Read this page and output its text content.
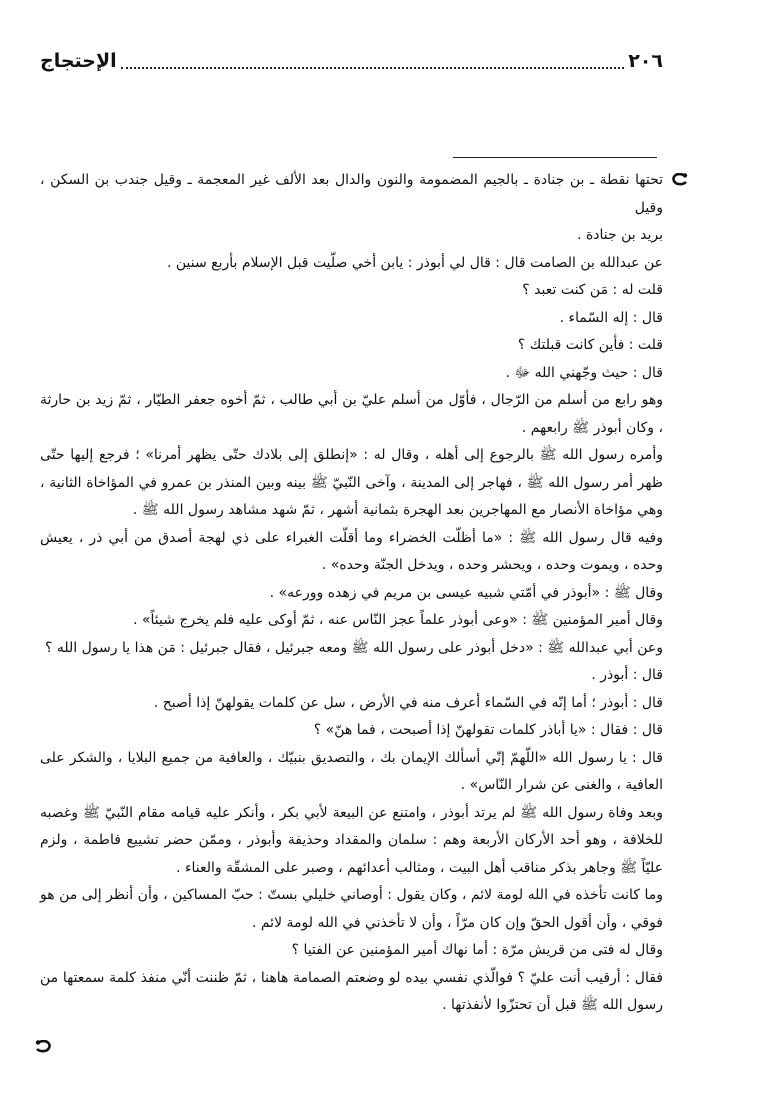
٢٠٦
الإحتجاج

تحتها نقطة ـ بن جنادة ـ بالجيم المضمومة والنون والدال بعد الألف غير المعجمة ـ وقيل جندب بن السكن ، وقيل

بريد بن جنادة .

عن عبدالله بن الصامت قال : قال لي أبوذر : يابن أخي صلّيت قبل الإسلام بأربع سنين .

قلت له : مَن كنت تعبد ؟

قال : إله السّماء .

قلت : فأين كانت قبلتك ؟

قال : حيث وجّهني الله ﷻ .

وهو رابع من أسلم من الرّجال ، فأوّل من أسلم عليّ بن أبي طالب ، ثمّ أخوه جعفر الطيّار ، ثمّ زيد بن حارثة ، وكان أبوذر ﷺ رابعهم .

وأمره رسول الله ﷺ بالرجوع إلى أهله ، وقال له : «إنطلق إلى بلادك حتّى يظهر أمرنا» ؛ فرجع إليها حتّى ظهر أمر رسول الله ﷺ ، فهاجر إلى المدينة ، وآخى النّبيّ ﷺ بينه وبين المنذر بن عمرو في المؤاخاة الثانية ، وهي مؤاخاة الأنصار مع المهاجرين بعد الهجرة بثمانية أشهر ، ثمّ شهد مشاهد رسول الله ﷺ .

وفيه قال رسول الله ﷺ : «ما أظلّت الخضراء وما أقلّت الغبراء على ذي لهجة أصدق من أبي ذر ، يعيش وحده ، ويموت وحده ، ويحشر وحده ، ويدخل الجنّة وحده» .

وقال ﷺ : «أبوذر في أمّتي شبيه عيسى بن مريم في زهده وورعه» .

وقال أمير المؤمنين ﷺ : «وعى أبوذر علماً عجز النّاس عنه ، ثمّ أوكى عليه فلم يخرج شيئاً» .

وعن أبي عبدالله ﷺ : «دخل أبوذر على رسول الله ﷺ ومعه جبرئيل ، فقال جبرئيل : مَن هذا يا رسول الله ؟

قال : أبوذر .

قال : أبوذر ؛ أما إنّه في السّماء أعرف منه في الأرض ، سل عن كلمات يقولهنّ إذا أصبح .

قال : فقال : «يا أباذر كلمات تقولهنّ إذا أصبحت ، فما هنّ» ؟

قال : يا رسول الله «اللّهمّ إنّي أسألك الإيمان بك ، والتصديق بنبيّك ، والعافية من جميع البلايا ، والشكر على العافية ، والغنى عن شرار النّاس» .

وبعد وفاة رسول الله ﷺ لم يرتد أبوذر ، وامتنع عن البيعة لأبي بكر ، وأنكر عليه قيامه مقام النّبيّ ﷺ وغصبه للخلافة ، وهو أحد الأركان الأربعة وهم : سلمان والمقداد وحذيفة وأبوذر ، وممّن حضر تشييع فاطمة ، ولزم عليّاً ﷺ وجاهر بذكر مناقب أهل البيت ، ومثالب أعدائهم ، وصبر على المشقّة والعناء .

وما كانت تأخذه في الله لومة لائم ، وكان يقول : أوصاني خليلي بستّ : حبّ المساكين ، وأن أنظر إلى من هو فوقي ، وأن أقول الحقّ وإن كان مرّاً ، وأن لا تأخذني في الله لومة لائم .

وقال له فتى من قريش مرّة : أما نهاك أمير المؤمنين عن الفتيا ؟

فقال : أرقيب أنت عليّ ؟ فوالّذي نفسي بيده لو وضعتم الصمامة هاهنا ، ثمّ ظننت أنّي منفذ كلمة سمعتها من رسول الله ﷺ قبل أن تحتزّوا لأنفذتها .
